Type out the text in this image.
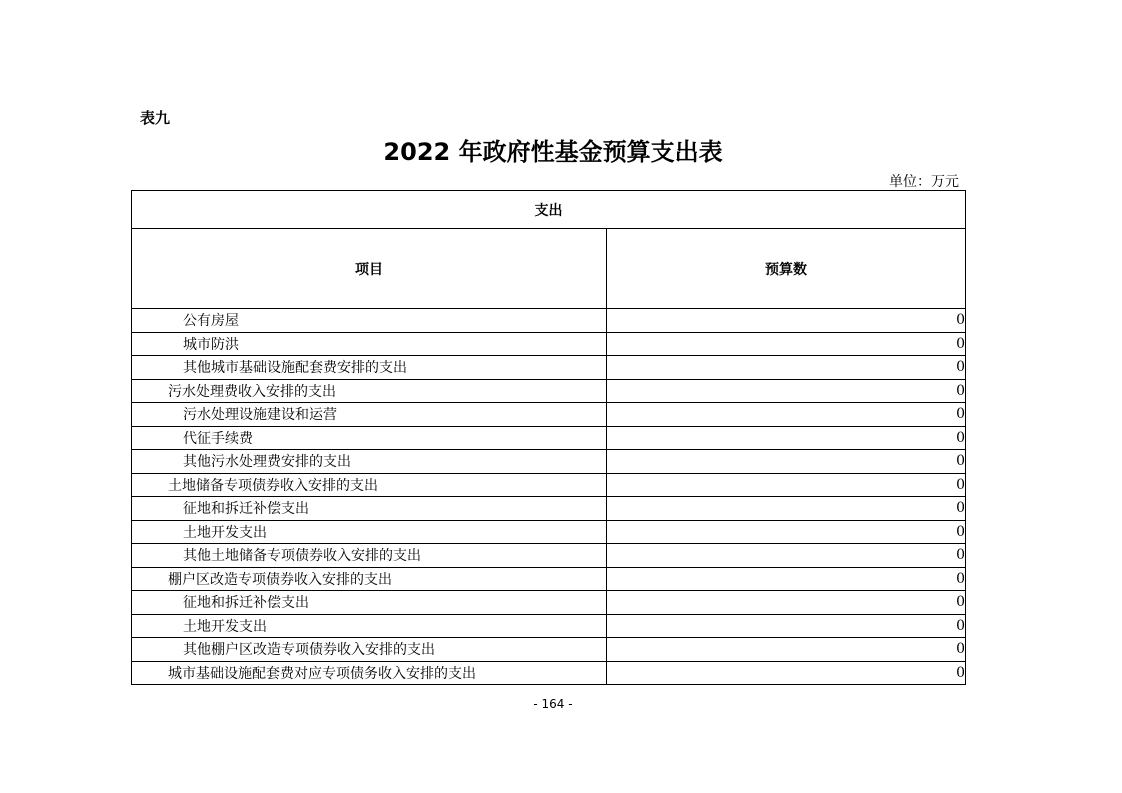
表九
2022 年政府性基金预算支出表
单位：万元
支出	
项目	预算数
公有房屋	0
城市防洪	0
其他城市基础设施配套费安排的支出	0
污水处理费收入安排的支出	0
污水处理设施建设和运营	0
代征手续费	0
其他污水处理费安排的支出	0
土地储备专项债券收入安排的支出	0
征地和拆迁补偿支出	0
土地开发支出	0
其他土地储备专项债券收入安排的支出	0
棚户区改造专项债券收入安排的支出	0
征地和拆迁补偿支出	0
土地开发支出	0
其他棚户区改造专项债券收入安排的支出	0
城市基础设施配套费对应专项债务收入安排的支出	0
- 164 -
